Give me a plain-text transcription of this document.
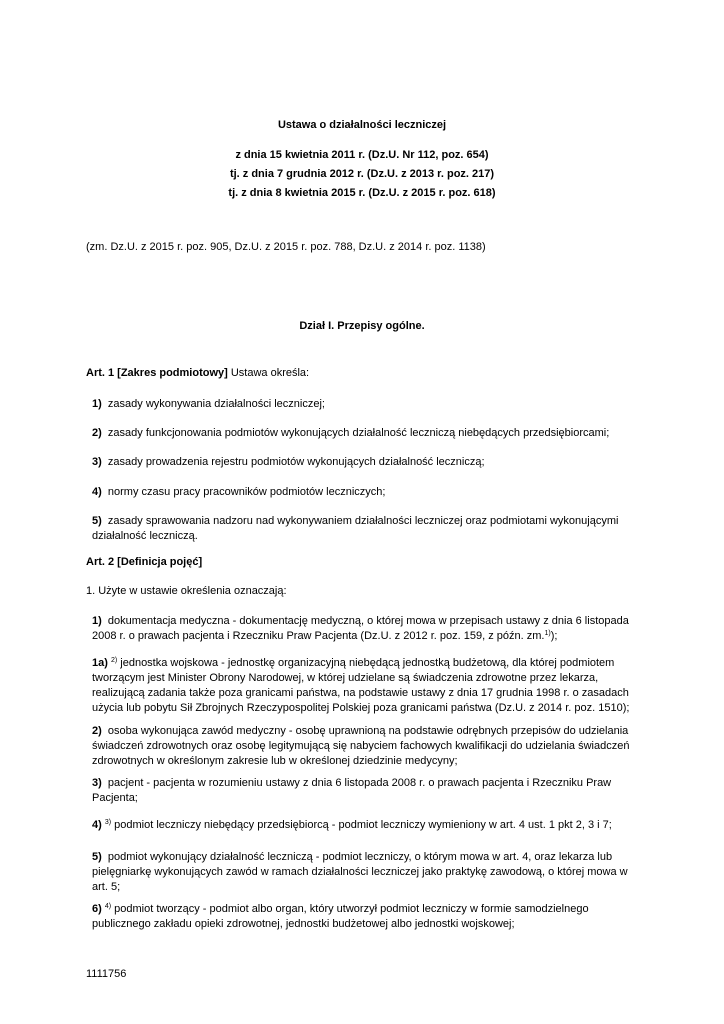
Ustawa o działalności leczniczej
z dnia 15 kwietnia 2011 r. (Dz.U. Nr 112, poz. 654)
tj. z dnia 7 grudnia 2012 r. (Dz.U. z 2013 r. poz. 217)
tj. z dnia 8 kwietnia 2015 r. (Dz.U. z 2015 r. poz. 618)
(zm. Dz.U. z 2015 r. poz. 905, Dz.U. z 2015 r. poz. 788, Dz.U. z 2014 r. poz. 1138)
Dział I. Przepisy ogólne.
Art. 1 [Zakres podmiotowy] Ustawa określa:
1) zasady wykonywania działalności leczniczej;
2) zasady funkcjonowania podmiotów wykonujących działalność leczniczą niebędących przedsiębiorcami;
3) zasady prowadzenia rejestru podmiotów wykonujących działalność leczniczą;
4) normy czasu pracy pracowników podmiotów leczniczych;
5) zasady sprawowania nadzoru nad wykonywaniem działalności leczniczej oraz podmiotami wykonującymi działalność leczniczą.
Art. 2 [Definicja pojęć]
1. Użyte w ustawie określenia oznaczają:
1) dokumentacja medyczna - dokumentację medyczną, o której mowa w przepisach ustawy z dnia 6 listopada 2008 r. o prawach pacjenta i Rzeczniku Praw Pacjenta (Dz.U. z 2012 r. poz. 159, z późn. zm.$^{1)}$);
1a) $^{2)}$ jednostka wojskowa - jednostkę organizacyjną niebędącą jednostką budżetową, dla której podmiotem tworzącym jest Minister Obrony Narodowej, w której udzielane są świadczenia zdrowotne przez lekarza, realizującą zadania także poza granicami państwa, na podstawie ustawy z dnia 17 grudnia 1998 r. o zasadach użycia lub pobytu Sił Zbrojnych Rzeczypospolitej Polskiej poza granicami państwa (Dz.U. z 2014 r. poz. 1510);
2) osoba wykonująca zawód medyczny - osobę uprawnioną na podstawie odrębnych przepisów do udzielania świadczeń zdrowotnych oraz osobę legitymującą się nabyciem fachowych kwalifikacji do udzielania świadczeń zdrowotnych w określonym zakresie lub w określonej dziedzinie medycyny;
3) pacjent - pacjenta w rozumieniu ustawy z dnia 6 listopada 2008 r. o prawach pacjenta i Rzeczniku Praw Pacjenta;
4) $^{3)}$ podmiot leczniczy niebędący przedsiębiorcą - podmiot leczniczy wymieniony w art. 4 ust. 1 pkt 2, 3 i 7;
5) podmiot wykonujący działalność leczniczą - podmiot leczniczy, o którym mowa w art. 4, oraz lekarza lub pielęgniarkę wykonujących zawód w ramach działalności leczniczej jako praktykę zawodową, o której mowa w art. 5;
6) $^{4)}$ podmiot tworzący - podmiot albo organ, który utworzył podmiot leczniczy w formie samodzielnego publicznego zakładu opieki zdrowotnej, jednostki budżetowej albo jednostki wojskowej;
1111756
